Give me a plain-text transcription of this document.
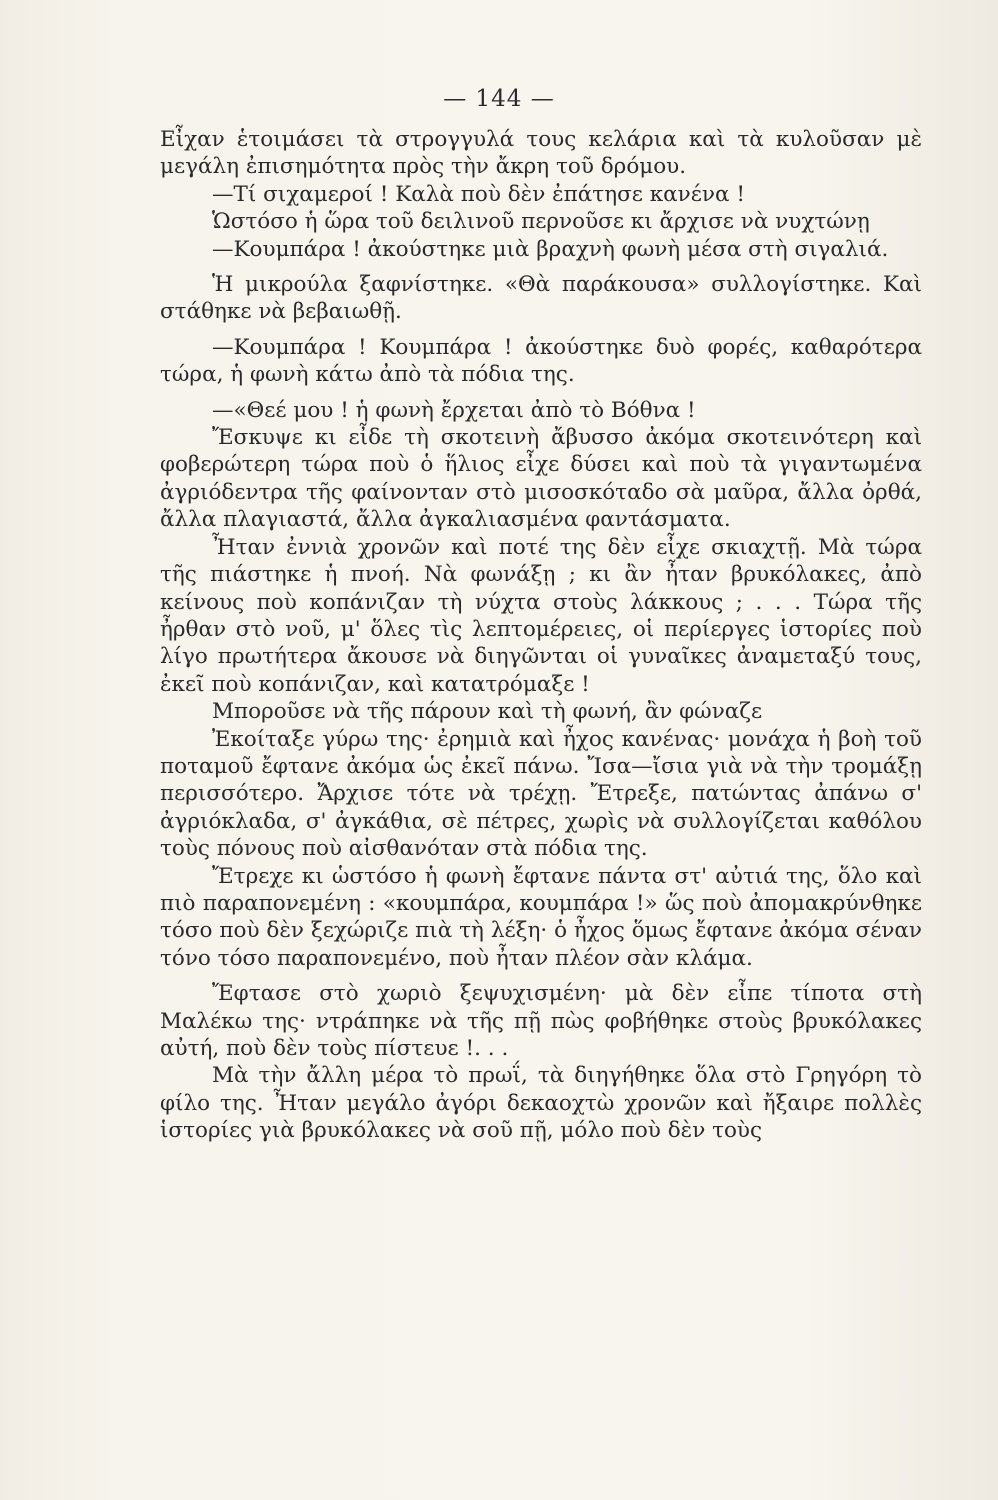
— 144 —

Εἶχαν ἑτοιμάσει τὰ στρογγυλά τους κελάρια καὶ τὰ κυλοῦσαν μὲ μεγάλη ἐπισημότητα πρὸς τὴν ἄκρη τοῦ δρόμου.

—Τί σιχαμεροί ! Καλὰ ποὺ δὲν ἐπάτησε κανένα !

Ὡστόσο ἡ ὥρα τοῦ δειλινοῦ περνοῦσε κι ἄρχισε νὰ νυχτώνῃ

—Κουμπάρα ! ἀκούστηκε μιὰ βραχνὴ φωνὴ μέσα στὴ σιγαλιά.

Ἡ μικρούλα ξαφνίστηκε. «Θὰ παράκουσα» συλλογίστηκε. Καὶ στάθηκε νὰ βεβαιωθῇ.

—Κουμπάρα ! Κουμπάρα ! ἀκούστηκε δυὸ φορές, καθαρότερα τώρα, ἡ φωνὴ κάτω ἀπὸ τὰ πόδια της.

—«Θεέ μου ! ἡ φωνὴ ἔρχεται ἀπὸ τὸ Βόθνα !

Ἔσκυψε κι εἶδε τὴ σκοτεινὴ ἄβυσσο ἀκόμα σκοτεινότερη καὶ φοβερώτερη τώρα ποὺ ὁ ἥλιος εἶχε δύσει καὶ ποὺ τὰ γιγαντωμένα ἀγριόδεντρα τῆς φαίνονταν στὸ μισοσκόταδο σὰ μαῦρα, ἄλλα ὀρθά, ἄλλα πλαγιαστά, ἄλλα ἀγκαλιασμένα φαντάσματα.

Ἦταν ἐννιὰ χρονῶν καὶ ποτέ της δὲν εἶχε σκιαχτῇ. Μὰ τώρα τῆς πιάστηκε ἡ πνοή. Νὰ φωνάξῃ ; κι ἂν ἦταν βρυκόλακες, ἀπὸ κείνους ποὺ κοπάνιζαν τὴ νύχτα στοὺς λάκκους ; . . . Τώρα τῆς ἦρθαν στὸ νοῦ, μ' ὅλες τὶς λεπτομέρειες, οἱ περίεργες ἱστορίες ποὺ λίγο πρωτήτερα ἄκουσε νὰ διηγῶνται οἱ γυναῖκες ἀναμεταξύ τους, ἐκεῖ ποὺ κοπάνιζαν, καὶ κατατρόμαξε !

Μποροῦσε νὰ τῆς πάρουν καὶ τὴ φωνή, ἂν φώναζε

Ἐκοίταξε γύρω της· ἐρημιὰ καὶ ἦχος κανένας· μονάχα ἡ βοὴ τοῦ ποταμοῦ ἔφτανε ἀκόμα ὡς ἐκεῖ πάνω. Ἴσα—ἴσια γιὰ νὰ τὴν τρομάξῃ περισσότερο. Ἄρχισε τότε νὰ τρέχῃ. Ἔτρεξε, πατώντας ἀπάνω σ' ἀγριόκλαδα, σ' ἀγκάθια, σὲ πέτρες, χωρὶς νὰ συλλογίζεται καθόλου τοὺς πόνους ποὺ αἰσθανόταν στὰ πόδια της.

Ἔτρεχε κι ὡστόσο ἡ φωνὴ ἔφτανε πάντα στ' αὐτιά της, ὅλο καὶ πιὸ παραπονεμένη : «κουμπάρα, κουμπάρα !» ὥς ποὺ ἀπομακρύνθηκε τόσο ποὺ δὲν ξεχώριζε πιὰ τὴ λέξη· ὁ ἦχος ὅμως ἔφτανε ἀκόμα σέναν τόνο τόσο παραπονεμένο, ποὺ ἦταν πλέον σὰν κλάμα.

Ἔφτασε στὸ χωριὸ ξεψυχισμένη· μὰ δὲν εἶπε τίποτα στὴ Μαλέκω της· ντράπηκε νὰ τῆς πῇ πὼς φοβήθηκε στοὺς βρυκόλακες αὐτή, ποὺ δὲν τοὺς πίστευε !. . .

Μὰ τὴν ἄλλη μέρα τὸ πρωΐ, τὰ διηγήθηκε ὅλα στὸ Γρηγόρη τὸ φίλο της. Ἦταν μεγάλο ἀγόρι δεκαοχτὼ χρονῶν καὶ ἤξαιρε πολλὲς ἱστορίες γιὰ βρυκόλακες νὰ σοῦ πῇ, μόλο ποὺ δὲν τοὺς
